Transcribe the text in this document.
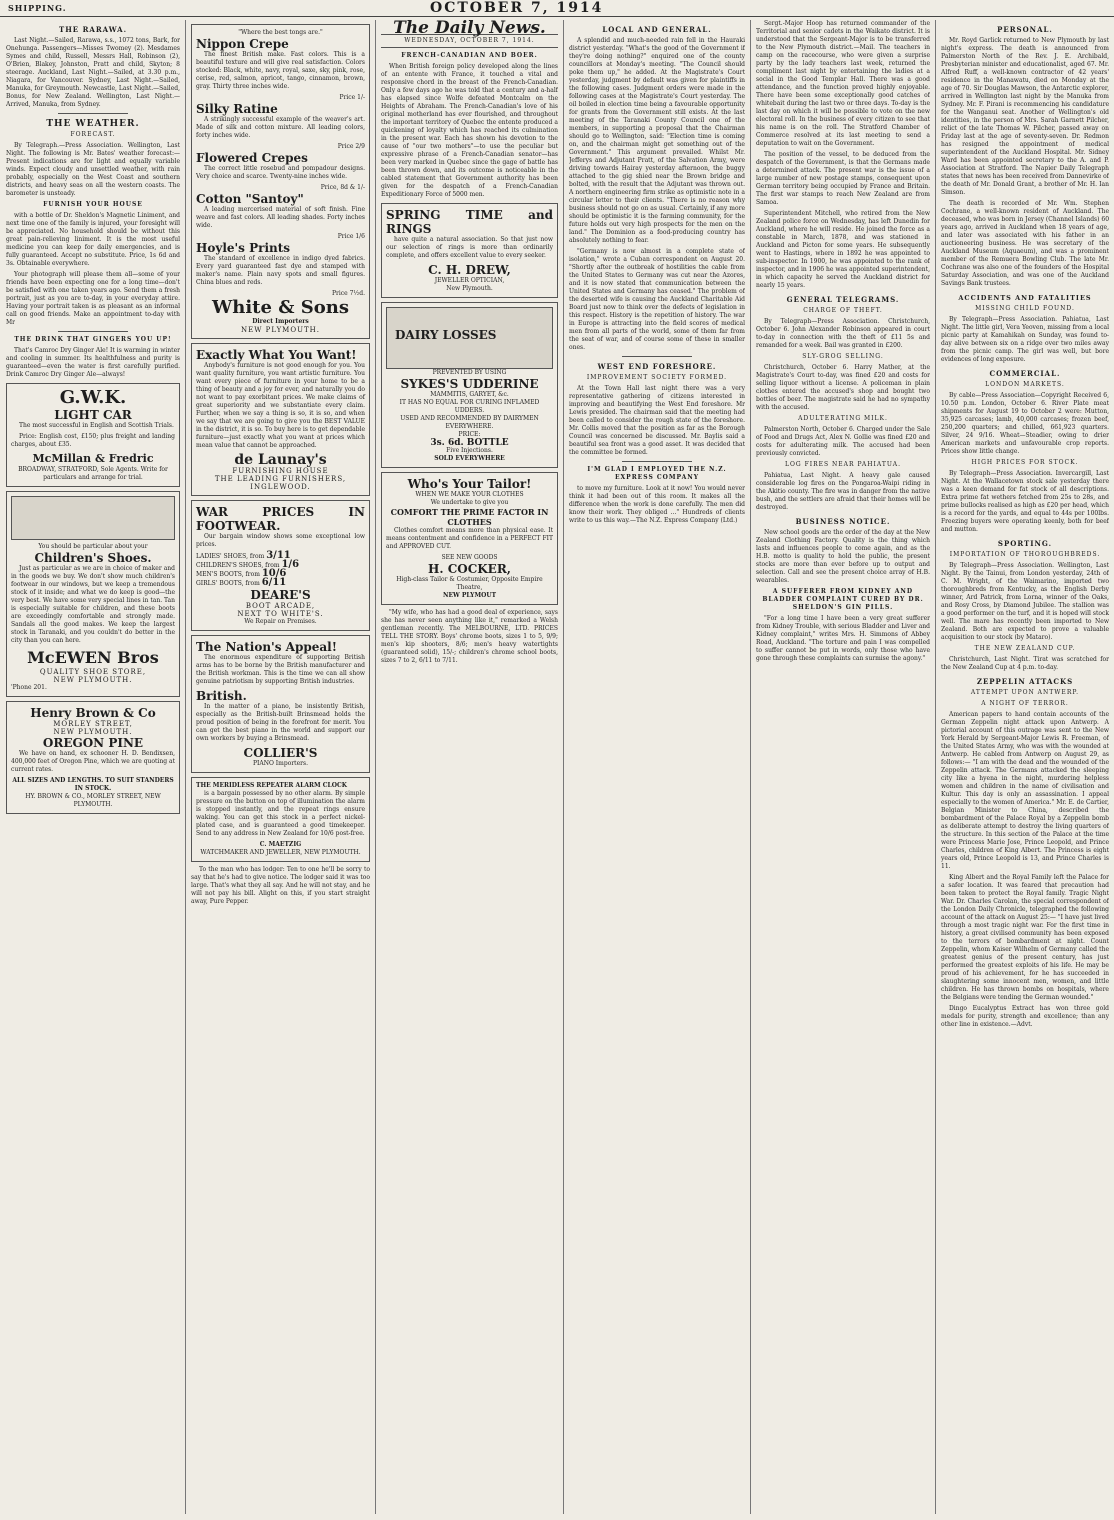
SHIPPING.	OCTOBER 7, 1914
THE RARAWA.

Last Night.—Sailed, Rarawa, s.s., 1072 tons, Bark, for Onehunga. Passengers—Misses Twomey (2). Mesdames Symes and child, Russell, Messrs Hall, Robinson (2), O'Brien, Blakey, Johnston, Pratt and child, Skyton; 8 steerage. Auckland, Last Night.—Sailed, at 3.30 p.m., Niagara, for Vancouver. Sydney, Last Night.—Sailed, Manuka, for Greymouth. Newcastle, Last Night.—Sailed, Bonus, for New Zealand. Wellington, Last Night.—Arrived, Manuka, from Sydney.

THE WEATHER.
FORECAST.

By Telegraph.—Press Association. Wellington, Last Night. The following is Mr. Bates' weather forecast:—Present indications are for light and equally variable winds. Expect cloudy and unsettled weather, with rain probably, especially on the West Coast and southern districts, and heavy seas on all the western coasts. The barometer is unsteady.

FURNISH YOUR HOUSE

with a bottle of Dr. Sheldon's Magnetic Liniment, and next time one of the family is injured, your foresight will be appreciated. No household should be without this great pain-relieving liniment. It is the most useful medicine you can keep for daily emergencies, and is fully guaranteed. Accept no substitute. Price, 1s 6d and 3s. Obtainable everywhere.

Your photograph will please them all—some of your friends have been expecting one for a long time—don't be satisfied with one taken years ago. Send them a fresh portrait, just as you are to-day, in your everyday attire. Having your portrait taken is as pleasant as an informal call on good friends. Make an appointment to-day with Mr

THE DRINK THAT GINGERS YOU UP!

That's Camroc Dry Ginger Ale! It is warming in winter and cooling in summer. Its healthfulness and purity is guaranteed—even the water is first carefully purified. Drink Camroc Dry Ginger Ale—always!

G.W.K.
LIGHT CAR

The most successful in English and Scottish Trials.

Price: English cost, £150; plus freight and landing charges, about £35.

McMillan & Fredric
BROADWAY, STRATFORD, Sole Agents. Write for particulars and arrange for trial.
You should be particular about your
Children's Shoes.

Just as particular as we are in choice of maker and in the goods we buy. We don't show much children's footwear in our windows, but we keep a tremendous stock of it inside; and what we do keep is good—the very best. We have some very special lines in tan. Tan is especially suitable for children, and these boots are exceedingly comfortable and strongly made. Sandals all the good makes. We keep the largest stock in Taranaki, and you couldn't do better in the city than you can here.

McEWEN Bros
QUALITY SHOE STORE,
NEW PLYMOUTH.
'Phone 201.
Henry Brown & Co
MORLEY STREET,
NEW PLYMOUTH.
OREGON PINE

We have on hand, ex schooner H. D. Bendixsen, 400,000 feet of Oregon Pine, which we are quoting at current rates.

ALL SIZES AND LENGTHS. TO SUIT STANDERS IN STOCK.
HY. BROWN & CO., MORLEY STREET, NEW PLYMOUTH.
"Where the best tongs are."
Nippon Crepe

The finest British make. Fast colors. This is a beautiful texture and will give real satisfaction. Colors stocked: Black, white, navy, royal, saxe, sky, pink, rose, cerise, red, salmon, apricot, tango, cinnamon, brown, gray. Thirty three inches wide.

Price 1/-
Silky Ratine

A strikingly successful example of the weaver's art. Made of silk and cotton mixture. All leading colors, forty inches wide.

Price 2/9
Flowered Crepes

The correct little rosebud and pompadour designs. Very choice and scarce. Twenty-nine inches wide.

Price, 8d & 1/-
Cotton "Santoy"

A leading mercerised material of soft finish. Fine weave and fast colors. All leading shades. Forty inches wide.

Price 1/6
Hoyle's Prints

The standard of excellence in indigo dyed fabrics. Every yard guaranteed fast dye and stamped with maker's name. Plain navy spots and small figures. China blues and reds.

Price 7½d.
White & Sons
Direct Importers
NEW PLYMOUTH.
Exactly What You Want!

Anybody's furniture is not good enough for you. You want quality furniture, you want artistic furniture. You want every piece of furniture in your home to be a thing of beauty and a joy for ever, and naturally you do not want to pay exorbitant prices. We make claims of great superiority and we substantiate every claim. Further, when we say a thing is so, it is so, and when we say that we are going to give you the BEST VALUE in the district, it is so. To buy here is to get dependable furniture—just exactly what you want at prices which mean value that cannot be approached.

de Launay's
FURNISHING HOUSE
THE LEADING FURNISHERS,
INGLEWOOD.
WAR PRICES IN FOOTWEAR.

Our bargain window shows some exceptional low prices.

LADIES' SHOES, from 3/11
CHILDREN'S SHOES, from 1/6
MEN'S BOOTS, from 10/6
GIRLS' BOOTS, from 6/11
DEARE'S
BOOT ARCADE,
NEXT TO WHITE'S.
We Repair on Premises.
The Nation's Appeal!

The enormous expenditure of supporting British arms has to be borne by the British manufacturer and the British workman. This is the time we can all show genuine patriotism by supporting British industries.

British.

In the matter of a piano, be insistently British, especially as the British-built Brinsmead holds the proud position of being in the forefront for merit. You can get the best piano in the world and support our own workers by buying a Brinsmead.

COLLIER'S
PIANO Importers.
THE MERIDLESS REPEATER ALARM CLOCK

is a bargain possessed by no other alarm. By simple pressure on the button on top of illumination the alarm is stopped instantly, and the repeat rings ensure waking. You can get this stock in a perfect nickel-plated case, and is guaranteed a good timekeeper. Send to any address in New Zealand for 10/6 post-free.

C. MAETZIG
WATCHMAKER AND JEWELLER, NEW PLYMOUTH.

To the man who has lodger: Ten to one he'll be sorry to say that he's had to give notice. The lodger said it was too large. That's what they all say. And he will not stay, and he will not pay his bill. Alight on this, if you start straight away, Pure Pepper.

The Daily News.
WEDNESDAY, OCTOBER 7, 1914.
FRENCH-CANADIAN AND BOER.

When British foreign policy developed along the lines of an entente with France, it touched a vital and responsive chord in the breast of the French-Canadian. Only a few days ago he was told that a century and a-half has elapsed since Wolfe defeated Montcalm on the Heights of Abraham. The French-Canadian's love of his original motherland has ever flourished, and throughout the important territory of Quebec the entente produced a quickening of loyalty which has reached its culmination in the present war. Each has shown his devotion to the cause of "our two mothers"—to use the peculiar but expressive phrase of a French-Canadian senator—has been very marked in Quebec since the gage of battle has been thrown down, and its outcome is noticeable in the cabled statement that Government authority has been given for the despatch of a French-Canadian Expeditionary Force of 5000 men.

SPRING TIME and RINGS

have quite a natural association. So that just now our selection of rings is more than ordinarily complete, and offers excellent value to every seeker.

C. H. DREW,
JEWELLER OPTICIAN,
New Plymouth.
DAIRY LOSSES
PREVENTED BY USING
SYKES'S UDDERINE
MAMMITIS, GARYET, &c.
IT HAS NO EQUAL FOR CURING INFLAMED UDDERS.
USED AND RECOMMENDED BY DAIRYMEN EVERYWHERE.
PRICE:
3s. 6d. BOTTLE
Five Injections.
SOLD EVERYWHERE
Who's Your Tailor!
WHEN WE MAKE YOUR CLOTHES
We undertake to give you
COMFORT THE PRIME FACTOR IN CLOTHES

Clothes comfort means more than physical ease. It means contentment and confidence in a PERFECT FIT and APPROVED CUT.

SEE NEW GOODS
H. COCKER,
High-class Tailor & Costumier, Opposite Empire Theatre,
NEW PLYMOUT

"My wife, who has had a good deal of experience, says she has never seen anything like it," remarked a Welsh gentleman recently. The MELBOURNE, LTD. PRICES TELL THE STORY. Boys' chrome boots, sizes 1 to 5, 9/9; men's kip shooters, 8/6; men's heavy watertights (guaranteed solid), 15/-; children's chrome school boots, sizes 7 to 2, 6/11 to 7/11.

LOCAL AND GENERAL.

A splendid and much-needed rain fell in the Hauraki district yesterday. "What's the good of the Government if they're doing nothing?" enquired one of the county councillors at Monday's meeting. "The Council should poke them up," he added. At the Magistrate's Court yesterday, judgment by default was given for plaintiffs in the following cases. Judgment orders were made in the following cases at the Magistrate's Court yesterday. The oil boiled in election time being a favourable opportunity for grants from the Government still exists. At the last meeting of the Taranaki County Council one of the members, in supporting a proposal that the Chairman should go to Wellington, said: "Election time is coming on, and the chairman might get something out of the Government." This argument prevailed. Whilst Mr. Jefferys and Adjutant Pratt, of the Salvation Army, were driving towards Hairay yesterday afternoon, the buggy attached to the gig shied near the Brown bridge and bolted, with the result that the Adjutant was thrown out. A northern engineering firm strike as optimistic note in a circular letter to their clients. "There is no reason why business should not go on as usual. Certainly, if any more should be optimistic it is the farming community, for the future holds out very high prospects for the men on the land." The Dominion as a food-producing country has absolutely nothing to fear.

"Germany is now almost in a complete state of isolation," wrote a Cuban correspondent on August 20. "Shortly after the outbreak of hostilities the cable from the United States to Germany was cut near the Azores, and it is now stated that communication between the United States and Germany has ceased." The problem of the deserted wife is causing the Auckland Charitable Aid Board just now to think over the defects of legislation in this respect. History is the repetition of history. The war in Europe is attracting into the field scores of medical men from all parts of the world, some of them far from the seat of war, and of course some of these in smaller ones.

WEST END FORESHORE.
IMPROVEMENT SOCIETY FORMED.

At the Town Hall last night there was a very representative gathering of citizens interested in improving and beautifying the West End foreshore. Mr Lewis presided. The chairman said that the meeting had been called to consider the rough state of the foreshore. Mr. Collis moved that the position as far as the Borough Council was concerned be discussed. Mr. Baylis said a beautiful sea front was a good asset. It was decided that the committee be formed.

I'M GLAD I EMPLOYED THE N.Z. EXPRESS COMPANY

to move my furniture. Look at it now! You would never think it had been out of this room. It makes all the difference when the work is done carefully. The men did know their work. They obliged ..." Hundreds of clients write to us this way.—The N.Z. Express Company (Ltd.)

Sergt.-Major Hoop has returned commander of the Territorial and senior cadets in the Waikato district. It is understood that the Sergeant-Major is to be transferred to the New Plymouth district.—Mail. The teachers in camp on the racecourse, who were given a surprise party by the lady teachers last week, returned the compliment last night by entertaining the ladies at a social in the Good Templar Hall. There was a good attendance, and the function proved highly enjoyable. There have been some exceptionally good catches of whitebait during the last two or three days. To-day is the last day on which it will be possible to vote on the new electoral roll. In the business of every citizen to see that his name is on the roll. The Stratford Chamber of Commerce resolved at its last meeting to send a deputation to wait on the Government.

The position of the vessel, to be deduced from the despatch of the Government, is that the Germans made a determined attack. The present war is the issue of a large number of new postage stamps, consequent upon German territory being occupied by France and Britain. The first war stamps to reach New Zealand are from Samoa.

Superintendent Mitchell, who retired from the New Zealand police force on Wednesday, has left Dunedin for Auckland, where he will reside. He joined the force as a constable in March, 1878, and was stationed in Auckland and Picton for some years. He subsequently went to Hastings, where in 1892 he was appointed to sub-inspector. In 1900, he was appointed to the rank of inspector, and in 1906 he was appointed superintendent, in which capacity he served the Auckland district for nearly 15 years.

GENERAL TELEGRAMS.
CHARGE OF THEFT.

By Telegraph—Press Association. Christchurch, October 6. John Alexander Robinson appeared in court to-day in connection with the theft of £11 5s and remanded for a week. Bail was granted in £200.

SLY-GROG SELLING.

Christchurch, October 6. Harry Mather, at the Magistrate's Court to-day, was fined £20 and costs for selling liquor without a license. A policeman in plain clothes entered the accused's shop and bought two bottles of beer. The magistrate said he had no sympathy with the accused.

ADULTERATING MILK.

Palmerston North, October 6. Charged under the Sale of Food and Drugs Act, Alex N. Gollie was fined £20 and costs for adulterating milk. The accused had been previously convicted.

LOG FIRES NEAR PAHIATUA.

Pahiatua, Last Night. A heavy gale caused considerable log fires on the Pongaroa-Waipi riding in the Akitio county. The fire was in danger from the native bush, and the settlers are afraid that their homes will be destroyed.

BUSINESS NOTICE.

New school goods are the order of the day at the New Zealand Clothing Factory. Quality is the thing which lasts and influences people to come again, and as the H.B. motto is quality to hold the public, the present stocks are more than ever before up to output and selection. Call and see the present choice array of H.B. wearables.

A SUFFERER FROM KIDNEY AND BLADDER COMPLAINT CURED BY DR. SHELDON'S GIN PILLS.

"For a long time I have been a very great sufferer from Kidney Trouble, with serious Bladder and Liver and Kidney complaint," writes Mrs. H. Simmons of Abbey Road, Auckland. "The torture and pain I was compelled to suffer cannot be put in words, only those who have gone through these complaints can surmise the agony."

PERSONAL.

Mr. Royd Garlick returned to New Plymouth by last night's express. The death is announced from Palmerston North of the Rev. J. E. Archibald, Presbyterian minister and educationalist, aged 67. Mr. Alfred Ruff, a well-known contractor of 42 years' residence in the Manawatu, died on Monday at the age of 70. Sir Douglas Mawson, the Antarctic explorer, arrived in Wellington last night by the Manuka from Sydney. Mr. F. Pirani is recommencing his candidature for the Wanganui seat. Another of Wellington's old identities, in the person of Mrs. Sarah Garnett Pilcher, relict of the late Thomas W. Pilcher, passed away on Friday last at the age of seventy-seven. Dr. Redmon has resigned the appointment of medical superintendent of the Auckland Hospital. Mr. Sidney Ward has been appointed secretary to the A. and P. Association at Stratford. The Napier Daily Telegraph states that news has been received from Dannevirke of the death of Mr. Donald Grant, a brother of Mr. H. Ian Simson.

The death is recorded of Mr. Wm. Stephen Cochrane, a well-known resident of Auckland. The deceased, who was born in Jersey (Channel Islands) 60 years ago, arrived in Auckland when 18 years of age, and later was associated with his father in an auctioneering business. He was secretary of the Auckland Museum (Aquaeum), and was a prominent member of the Remuera Bowling Club. The late Mr. Cochrane was also one of the founders of the Hospital Saturday Association, and was one of the Auckland Savings Bank trustees.

ACCIDENTS AND FATALITIES
MISSING CHILD FOUND.

By Telegraph—Press Association. Pahiatua, Last Night. The little girl, Vera Yeoven, missing from a local picnic party at Kamahikah on Sunday, was found to-day alive between six on a ridge over two miles away from the picnic camp. The girl was well, but bore evidences of long exposure.

COMMERCIAL.
LONDON MARKETS.

By cable—Press Association—Copyright Received 6, 10.50 p.m. London, October 6. River Plate meat shipments for August 19 to October 2 were: Mutton, 35,925 carcases; lamb, 40,000 carcases; frozen beef, 250,200 quarters; and chilled, 661,923 quarters. Silver, 24 9/16. Wheat—Steadier, owing to drier American markets and unfavourable crop reports. Prices show little change.

HIGH PRICES FOR STOCK.

By Telegraph—Press Association. Invercargill, Last Night. At the Wallacetown stock sale yesterday there was a keen demand for fat stock of all descriptions. Extra prime fat wethers fetched from 25s to 28s, and prime bullocks realised as high as £20 per head, which is a record for the yards, and equal to 44s per 100lbs. Freezing buyers were operating keenly, both for beef and mutton.

SPORTING.
IMPORTATION OF THOROUGHBREDS.

By Telegraph—Press Association. Wellington, Last Night. By the Tainui, from London yesterday, 24th of C. M. Wright, of the Waimarino, imported two thoroughbreds from Kentucky, as the English Derby winner, Ard Patrick, from Lorna, winner of the Oaks, and Rosy Cross, by Diamond Jubilee. The stallion was a good performer on the turf, and it is hoped will stock well. The mare has recently been imported to New Zealand. Both are expected to prove a valuable acquisition to our stock (by Mataro).

THE NEW ZEALAND CUP.

Christchurch, Last Night. Tirat was scratched for the New Zealand Cup at 4 p.m. to-day.

ZEPPELIN ATTACKS
ATTEMPT UPON ANTWERP.
A NIGHT OF TERROR.

American papers to hand contain accounts of the German Zeppelin night attack upon Antwerp. A pictorial account of this outrage was sent to the New York Herald by Sergeant-Major Lewis R. Freeman, of the United States Army, who was with the wounded at Antwerp. He cabled from Antwerp on August 29, as follows:— "I am with the dead and the wounded of the Zeppelin attack. The Germans attacked the sleeping city like a hyena in the night, murdering helpless women and children in the name of civilisation and Kultur. This day is only an assassination. I appeal especially to the women of America." Mr. E. de Cartier, Belgian Minister to China, described the bombardment of the Palace Royal by a Zeppelin bomb as deliberate attempt to destroy the living quarters of the structure. In this section of the Palace at the time were Princess Marie Jose, Prince Leopold, and Prince Charles, children of King Albert. The Princess is eight years old, Prince Leopold is 13, and Prince Charles is 11.

King Albert and the Royal Family left the Palace for a safer location. It was feared that precaution had been taken to protect the Royal family. Tragic Night War. Dr. Charles Carolan, the special correspondent of the London Daily Chronicle, telegraphed the following account of the attack on August 25:— "I have just lived through a most tragic night war. For the first time in history, a great civilised community has been exposed to the terrors of bombardment at night. Count Zeppelin, whom Kaiser Wilhelm of Germany called the greatest genius of the present century, has just performed the greatest exploits of his life. He may be proud of his achievement, for he has succeeded in slaughtering some innocent men, women, and little children. He has thrown bombs on hospitals, where the Belgians were tending the German wounded."

Dingo Eucalyptus Extract has won three gold medals for purity, strength and excellence; than any other line in existence.—Advt.
